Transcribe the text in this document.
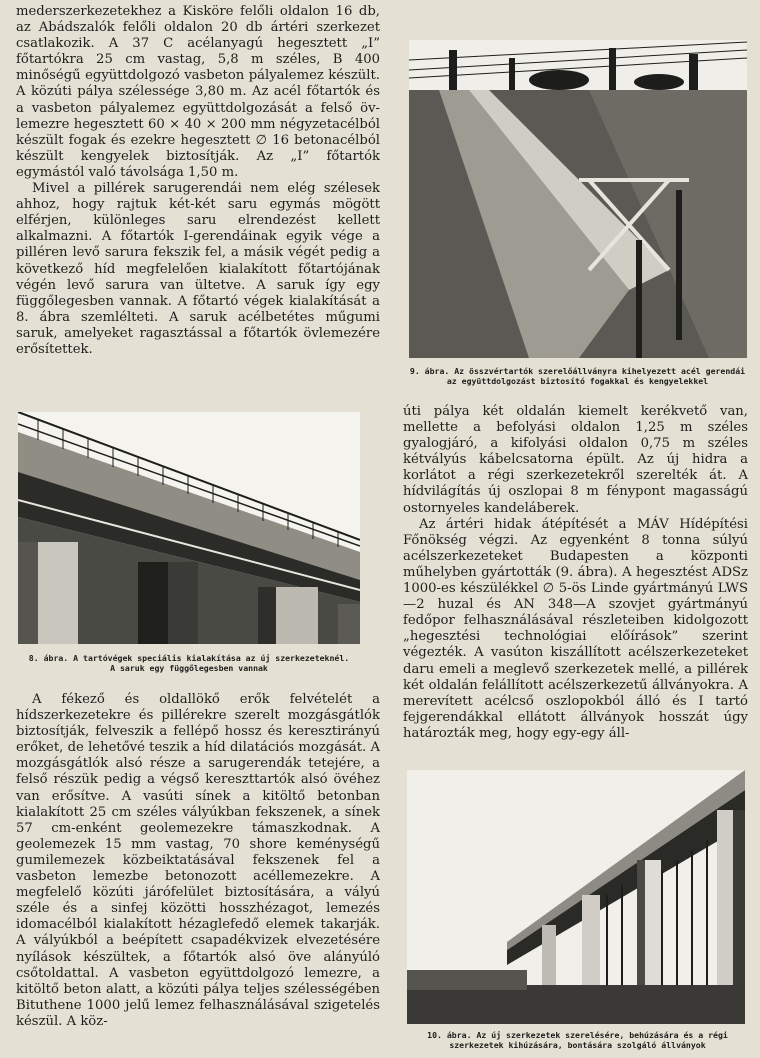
mederszerkezetekhez a Kisköre felőli oldalon 16 db, az Abádszalók felőli oldalon 20 db ártéri szerkezet csatlakozik. A 37 C acélanyagú hegesztett „I” főtartókra 25 cm vastag, 5,8 m széles, B 400 minőségű együttdolgozó vasbeton pályalemez készült. A közúti pálya szélessége 3,80 m. Az acél főtartók és a vasbeton pályalemez együttdolgozását a felső öv-lemezre hegesztett 60 × 40 × 200 mm négyzetacélból készült fogak és ezekre hegesztett ∅ 16 betonacélból készült kengyelek biztosítják. Az „I” főtartók egymástól való távolsága 1,50 m.

Mivel a pillérek sarugerendái nem elég szélesek ahhoz, hogy rajtuk két-két saru egymás mögött elférjen, különleges saru elrendezést kellett alkalmazni. A főtartók I-gerendáinak egyik vége a pilléren levő sarura fekszik fel, a másik végét pedig a következő híd megfelelően kialakított főtartójának végén levő sarura van ültetve. A saruk így egy függőlegesben vannak. A főtartó végek kialakítását a 8. ábra szemlélteti. A saruk acélbetétes műgumi saruk, amelyeket ragasztással a főtartók övlemezére erősítettek.

8. ábra. A tartóvégek speciális kialakítása az új szerkezeteknél.
A saruk egy függőlegesben vannak

A fékező és oldallökő erők felvételét a hídszerkezetekre és pillérekre szerelt mozgásgátlók biztosítják, felveszik a fellépő hossz és keresztirányú erőket, de lehetővé teszik a híd dilatációs mozgását. A mozgásgátlók alsó része a sarugerendák tetejére, a felső részük pedig a végső kereszttartók alsó övéhez van erősítve. A vasúti sínek a kitöltő betonban kialakított 25 cm széles vályúkban fekszenek, a sínek 57 cm-enként geolemezekre támaszkodnak. A geolemezek 15 mm vastag, 70 shore keménységű gumilemezek közbeiktatásával fekszenek fel a vasbeton lemezbe betonozott acéllemezekre. A megfelelő közúti járófelület biztosítására, a vályú széle és a sinfej közötti hosszhézagot, lemezés idomacélból kialakított hézaglefedő elemek takarják. A vályúkból a beépített csapadékvizek elvezetésére nyílások készültek, a főtartók alsó öve alányúló csőtoldattal. A vasbeton együttdolgozó lemezre, a kitöltő beton alatt, a közúti pálya teljes szélességében Bituthene 1000 jelű lemez felhasználásával szigetelés készül. A köz-

9. ábra. Az összvértartók szerelőállványra kihelyezett acél gerendái
az együttdolgozást biztosító fogakkal és kengyelekkel

úti pálya két oldalán kiemelt kerékvető van, mellette a befolyási oldalon 1,25 m széles gyalogjáró, a kifolyási oldalon 0,75 m széles kétvályús kábelcsatorna épült. Az új hidra a korlátot a régi szerkezetekről szerelték át. A hídvilágítás új oszlopai 8 m fénypont magasságú ostornyeles kandeláberek.

Az ártéri hidak átépítését a MÁV Hídépítési Főnökség végzi. Az egyenként 8 tonna súlyú acélszerkezeteket Budapesten a központi műhelyben gyártották (9. ábra). A hegesztést ADSz 1000-es készülékkel ∅ 5-ös Linde gyártmányú LWS—2 huzal és AN 348—A szovjet gyártmányú fedőpor felhasználásával részleteiben kidolgozott „hegesztési technológiai előírások” szerint végezték. A vasúton kiszállított acélszerkezeteket daru emeli a meglevő szerkezetek mellé, a pillérek két oldalán felállított acélszerkezetű állványokra. A merevített acélcső oszlopokból álló és I tartó fejgerendákkal ellátott állványok hosszát úgy határozták meg, hogy egy-egy áll-

10. ábra. Az új szerkezetek szerelésére, behúzására és a régi
szerkezetek kihúzására, bontására szolgáló állványok
